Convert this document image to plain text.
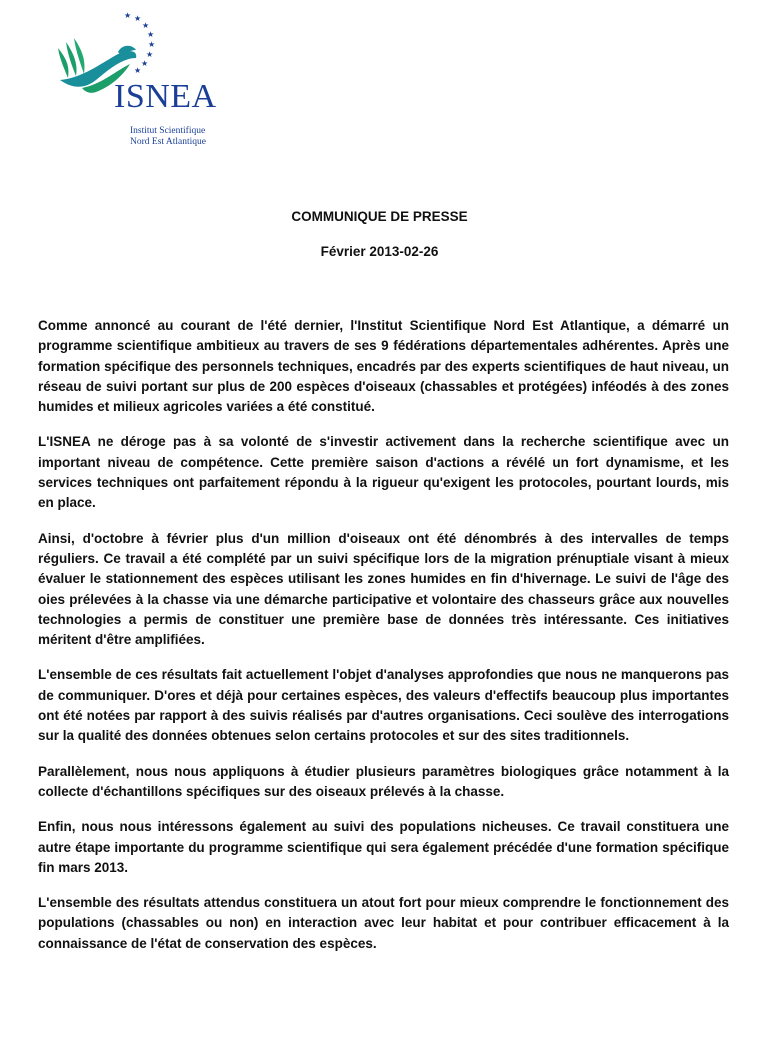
★ ★
★
★
★
★
★
★
ISNEA
Institut Scientifique
Nord Est Atlantique
COMMUNIQUE DE PRESSE
Février 2013-02-26

Comme annoncé au courant de l'été dernier, l'Institut Scientifique Nord Est Atlantique, a démarré un programme scientifique ambitieux au travers de ses 9 fédérations départementales adhérentes. Après une formation spécifique des personnels techniques, encadrés par des experts scientifiques de haut niveau, un réseau de suivi portant sur plus de 200 espèces d'oiseaux (chassables et protégées) inféodés à des zones humides et milieux agricoles variées a été constitué.

L'ISNEA ne déroge pas à sa volonté de s'investir activement dans la recherche scientifique avec un important niveau de compétence. Cette première saison d'actions a révélé un fort dynamisme, et les services techniques ont parfaitement répondu à la rigueur qu'exigent les protocoles, pourtant lourds, mis en place.

Ainsi, d'octobre à février plus d'un million d'oiseaux ont été dénombrés à des intervalles de temps réguliers. Ce travail a été complété par un suivi spécifique lors de la migration prénuptiale visant à mieux évaluer le stationnement des espèces utilisant les zones humides en fin d'hivernage. Le suivi de l'âge des oies prélevées à la chasse via une démarche participative et volontaire des chasseurs grâce aux nouvelles technologies a permis de constituer une première base de données très intéressante. Ces initiatives méritent d'être amplifiées.

L'ensemble de ces résultats fait actuellement l'objet d'analyses approfondies que nous ne manquerons pas de communiquer. D'ores et déjà pour certaines espèces, des valeurs d'effectifs beaucoup plus importantes ont été notées par rapport à des suivis réalisés par d'autres organisations. Ceci soulève des interrogations sur la qualité des données obtenues selon certains protocoles et sur des sites traditionnels.

Parallèlement, nous nous appliquons à étudier plusieurs paramètres biologiques grâce notamment à la collecte d'échantillons spécifiques sur des oiseaux prélevés à la chasse.

Enfin, nous nous intéressons également au suivi des populations nicheuses. Ce travail constituera une autre étape importante du programme scientifique qui sera également précédée d'une formation spécifique fin mars 2013.

L'ensemble des résultats attendus constituera un atout fort pour mieux comprendre le fonctionnement des populations (chassables ou non) en interaction avec leur habitat et pour contribuer efficacement à la connaissance de l'état de conservation des espèces.
